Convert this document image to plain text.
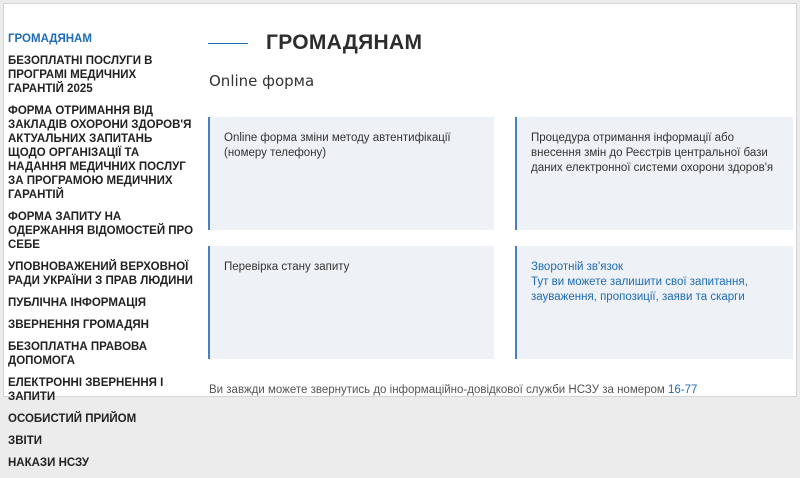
ГРОМАДЯНАМ
БЕЗОПЛАТНІ ПОСЛУГИ В ПРОГРАМІ МЕДИЧНИХ ГАРАНТІЙ 2025
ФОРМА ОТРИМАННЯ ВІД ЗАКЛАДІВ ОХОРОНИ ЗДОРОВ'Я АКТУАЛЬНИХ ЗАПИТАНЬ ЩОДО ОРГАНІЗАЦІЇ ТА НАДАННЯ МЕДИЧНИХ ПОСЛУГ ЗА ПРОГРАМОЮ МЕДИЧНИХ ГАРАНТІЙ
ФОРМА ЗАПИТУ НА ОДЕРЖАННЯ ВІДОМОСТЕЙ ПРО СЕБЕ
УПОВНОВАЖЕНИЙ ВЕРХОВНОЇ РАДИ УКРАЇНИ З ПРАВ ЛЮДИНИ
ПУБЛІЧНА ІНФОРМАЦІЯ
ЗВЕРНЕННЯ ГРОМАДЯН
БЕЗОПЛАТНА ПРАВОВА ДОПОМОГА
ЕЛЕКТРОННІ ЗВЕРНЕННЯ І ЗАПИТИ
ОСОБИСТИЙ ПРИЙОМ
ЗВІТИ
НАКАЗИ НСЗУ
ГРОМАДЯНАМ
Online форма
Online форма зміни методу автентифікації (номеру телефону)
Процедура отримання інформації або внесення змін до Реєстрів центральної бази даних електронної системи охорони здоров'я
Перевірка стану запиту	Зворотній зв'язок
Тут ви можете залишити свої запитання, зауваження, пропозиції, заяви та скарги
Ви завжди можете звернутись до інформаційно-довідкової служби НСЗУ за номером 16-77
